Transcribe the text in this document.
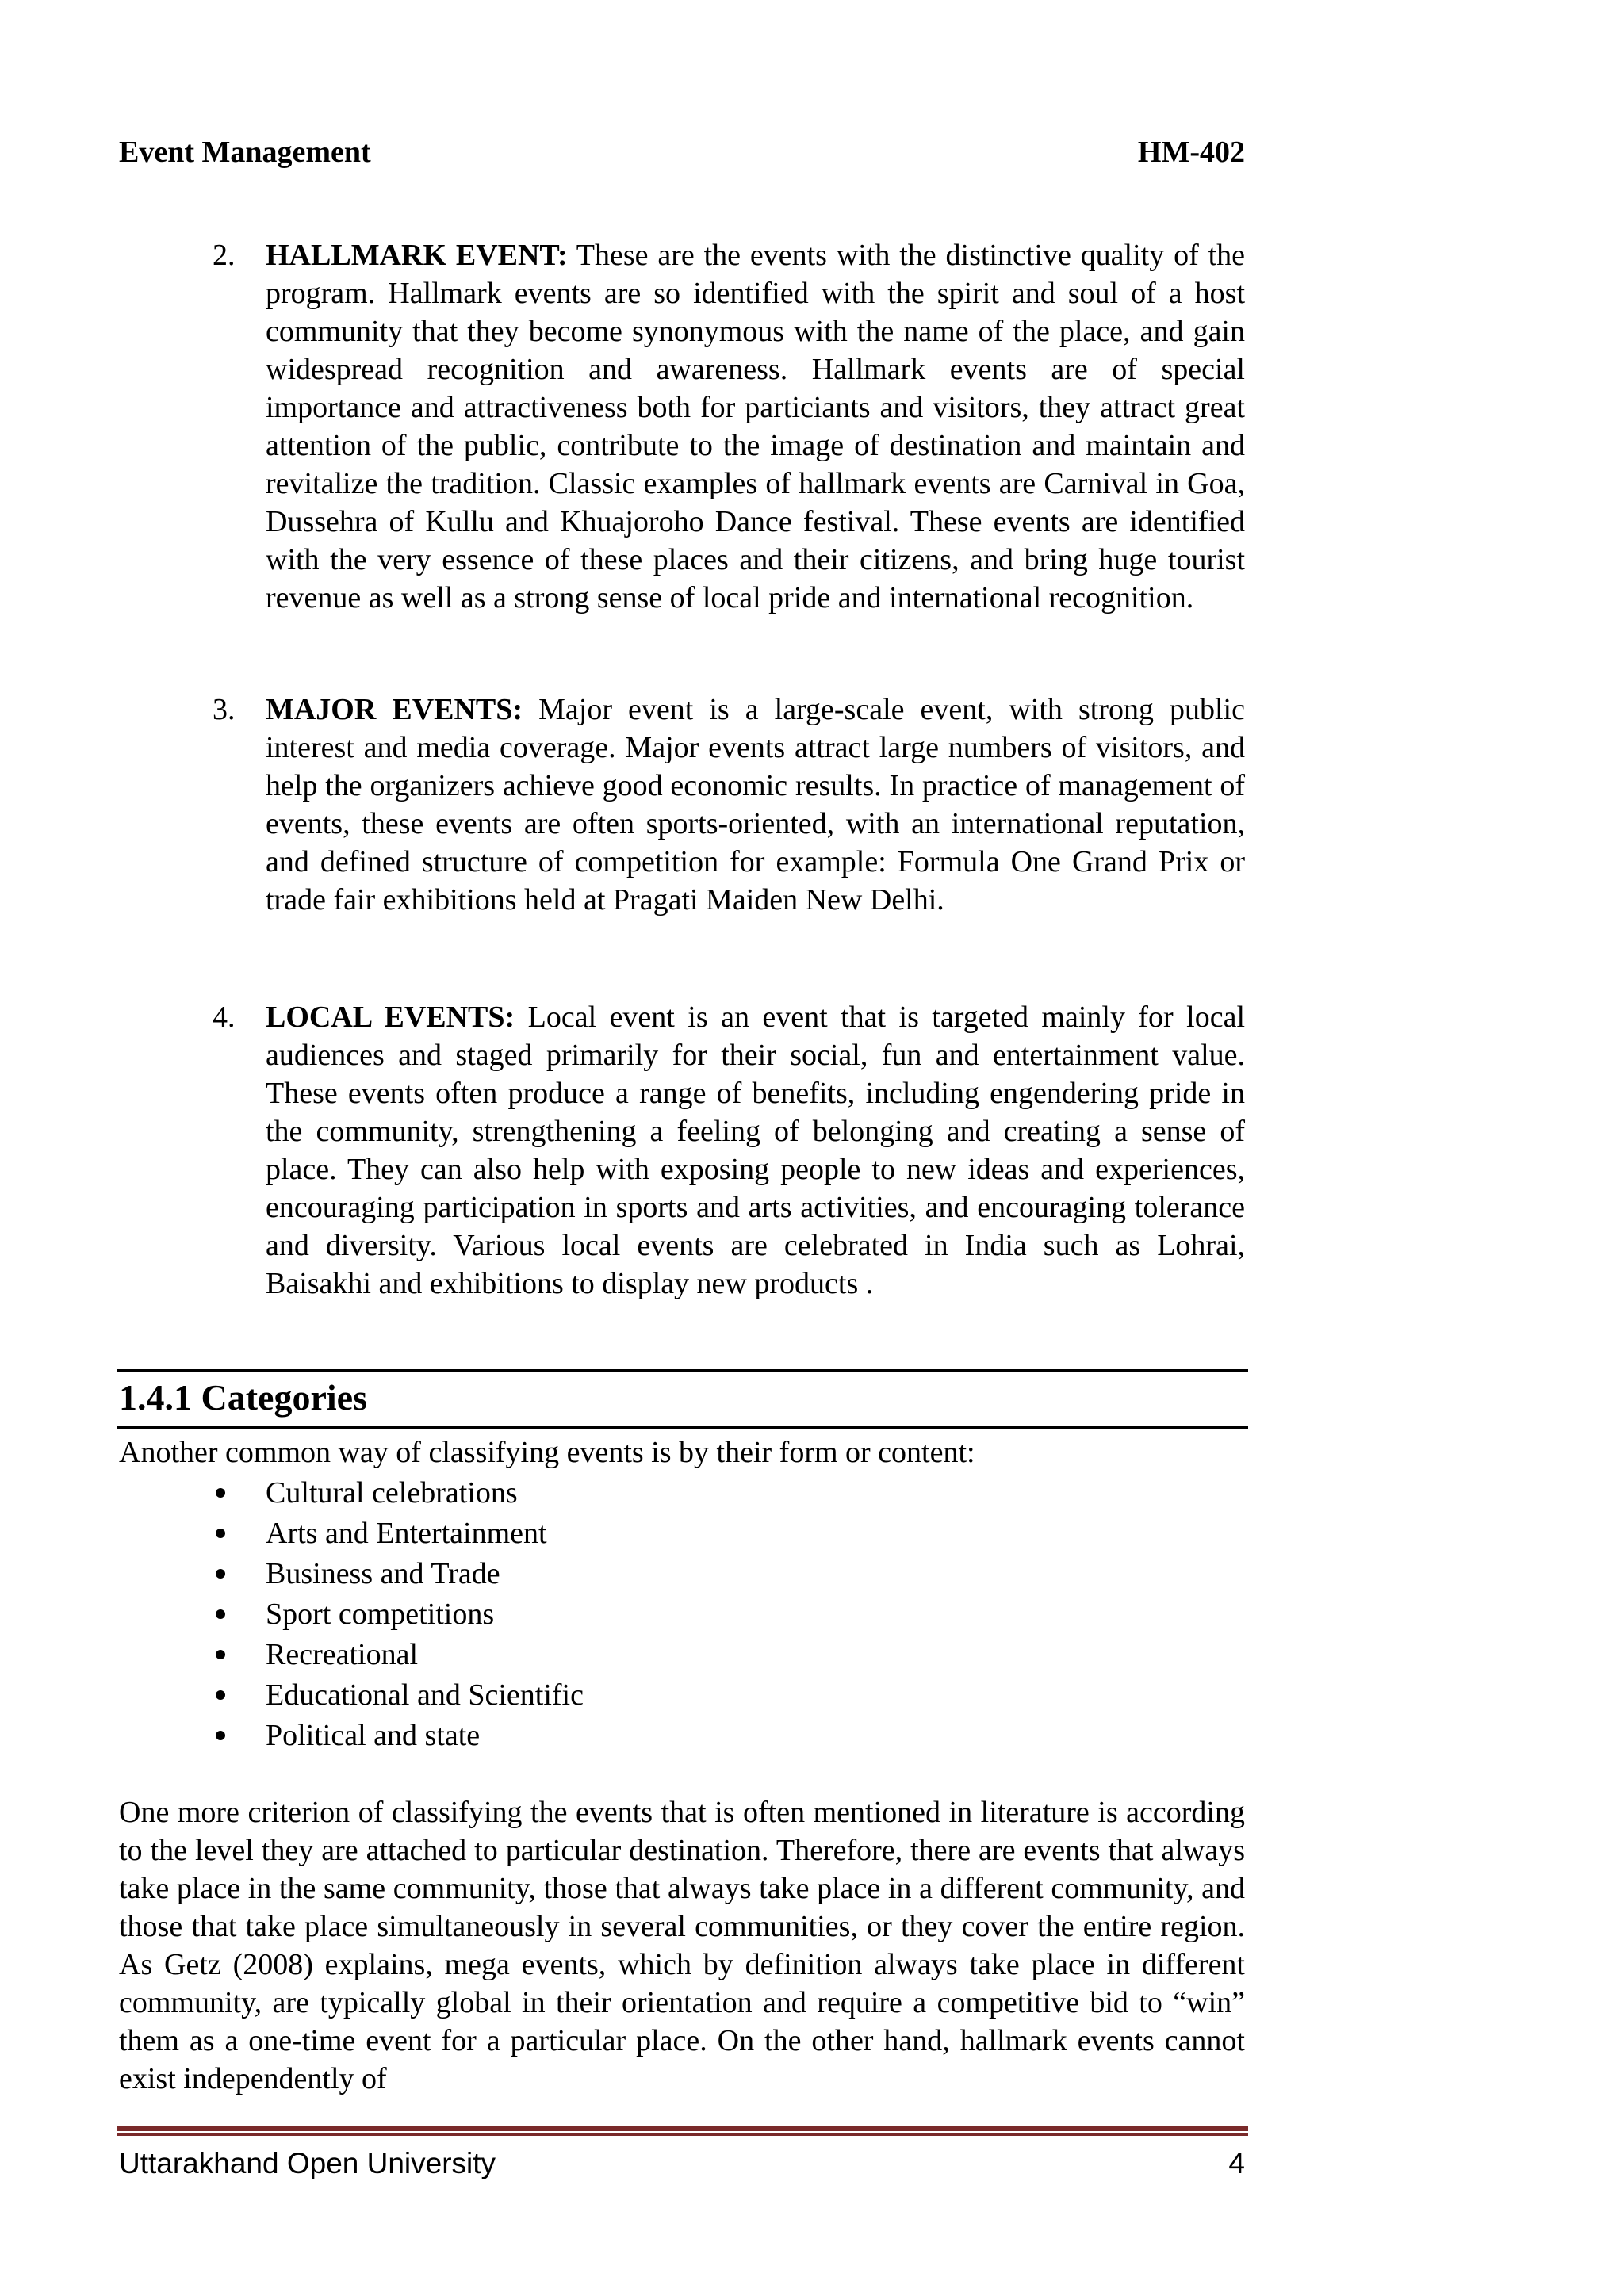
Event Management	HM-402
2. HALLMARK EVENT: These are the events with the distinctive quality of the program. Hallmark events are so identified with the spirit and soul of a host community that they become synonymous with the name of the place, and gain widespread recognition and awareness. Hallmark events are of special importance and attractiveness both for particiants and visitors, they attract great attention of the public, contribute to the image of destination and maintain and revitalize the tradition. Classic examples of hallmark events are Carnival in Goa, Dussehra of Kullu and Khuajoroho Dance festival. These events are identified with the very essence of these places and their citizens, and bring huge tourist revenue as well as a strong sense of local pride and international recognition.
3. MAJOR EVENTS: Major event is a large-scale event, with strong public interest and media coverage. Major events attract large numbers of visitors, and help the organizers achieve good economic results. In practice of management of events, these events are often sports-oriented, with an international reputation, and defined structure of competition for example: Formula One Grand Prix or trade fair exhibitions held at Pragati Maiden New Delhi.
4. LOCAL EVENTS: Local event is an event that is targeted mainly for local audiences and staged primarily for their social, fun and entertainment value. These events often produce a range of benefits, including engendering pride in the community, strengthening a feeling of belonging and creating a sense of place. They can also help with exposing people to new ideas and experiences, encouraging participation in sports and arts activities, and encouraging tolerance and diversity. Various local events are celebrated in India such as Lohrai, Baisakhi and exhibitions to display new products .
1.4.1 Categories
Another common way of classifying events is by their form or content:
Cultural celebrations
Arts and Entertainment
Business and Trade
Sport competitions
Recreational
Educational and Scientific
Political and state
One more criterion of classifying the events that is often mentioned in literature is according to the level they are attached to particular destination. Therefore, there are events that always take place in the same community, those that always take place in a different community, and those that take place simultaneously in several communities, or they cover the entire region. As Getz (2008) explains, mega events, which by definition always take place in different community, are typically global in their orientation and require a competitive bid to “win” them as a one-time event for a particular place. On the other hand, hallmark events cannot exist independently of
Uttarakhand Open University	4
